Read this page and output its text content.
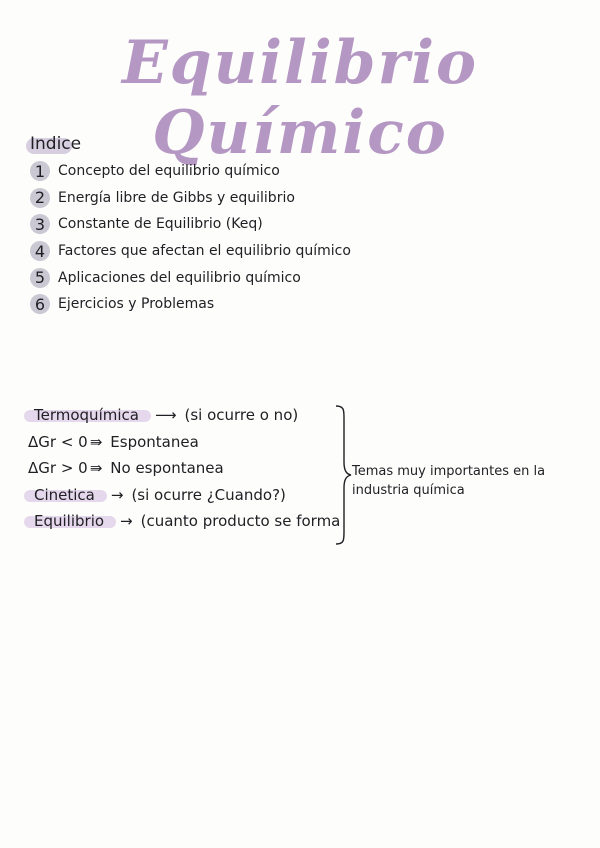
Equilibrio Químico
Indice
1 Concepto del equilibrio químico
2 Energía libre de Gibbs y equilibrio
3 Constante de Equilibrio (Keq)
4 Factores que afectan el equilibrio químico
5 Aplicaciones del equilibrio químico
6 Ejercicios y Problemas
Termoquímica	⟶ (si ocurre o no)
ΔGr < 0 ⇛ Espontanea
ΔGr > 0 ⇛ No espontanea
Cinetica	→ (si ocurre ¿Cuando?)
Equilibrio	→ (cuanto producto se forma
Temas muy importantes en la industria química
